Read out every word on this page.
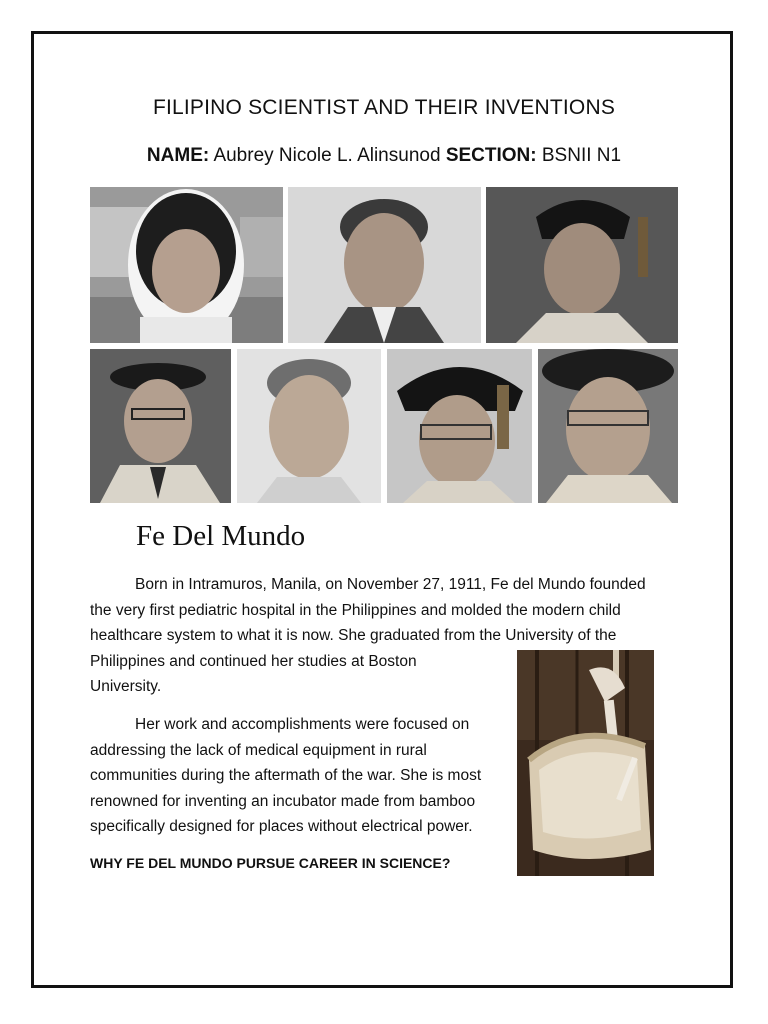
FILIPINO SCIENTIST AND THEIR INVENTIONS
NAME: Aubrey Nicole L. Alinsunod SECTION: BSNII N1
Fe Del Mundo
Born in Intramuros, Manila, on November 27, 1911, Fe del Mundo founded
the very first pediatric hospital in the Philippines and molded the modern child
healthcare system to what it is now. She graduated from the University of the
Philippines and continued her studies at Boston
University.
Her work and accomplishments were focused on
addressing the lack of medical equipment in rural
communities during the aftermath of the war. She is most
renowned for inventing an incubator made from bamboo
specifically designed for places without electrical power.
WHY FE DEL MUNDO PURSUE CAREER IN SCIENCE?
